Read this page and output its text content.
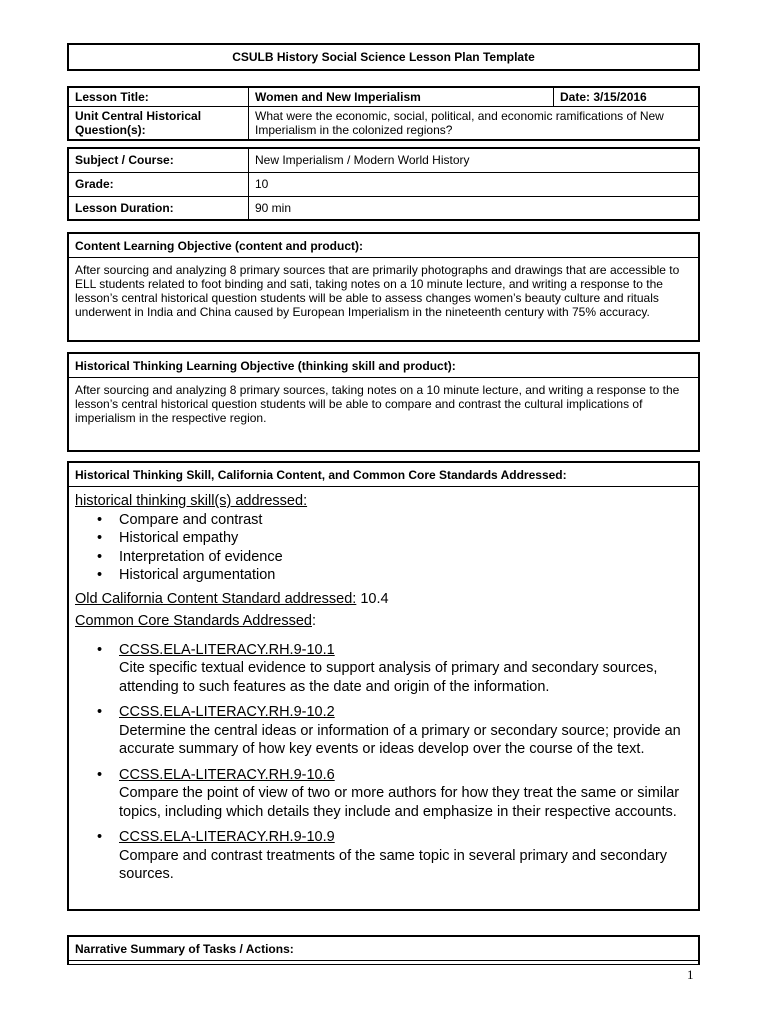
CSULB History Social Science Lesson Plan Template
Lesson Title:	Women and New Imperialism	Date: 3/15/2016
Unit Central Historical Question(s):	What were the economic, social, political, and economic ramifications of New Imperialism in the colonized regions?	
Subject / Course:	New Imperialism / Modern World History
Grade:	10
Lesson Duration:	90 min
Content Learning Objective (content and product):
After sourcing and analyzing 8 primary sources that are primarily photographs and drawings that are accessible to ELL students related to foot binding and sati, taking notes on a 10 minute lecture, and writing a response to the lesson’s central historical question students will be able to assess changes women’s beauty culture and rituals underwent in India and China caused by European Imperialism in the nineteenth century with 75% accuracy.
Historical Thinking Learning Objective (thinking skill and product):
After sourcing and analyzing 8 primary sources, taking notes on a 10 minute lecture, and writing a response to the lesson’s central historical question students will be able to compare and contrast the cultural implications of imperialism in the respective region.
Historical Thinking Skill, California Content, and Common Core Standards Addressed:
historical thinking skill(s) addressed:
• Compare and contrast
• Historical empathy
• Interpretation of evidence
• Historical argumentation
Old California Content Standard addressed: 10.4
Common Core Standards Addressed:
• CCSS.ELA-LITERACY.RH.9-10.1
Cite specific textual evidence to support analysis of primary and secondary sources, attending to such features as the date and origin of the information.
• CCSS.ELA-LITERACY.RH.9-10.2
Determine the central ideas or information of a primary or secondary source; provide an accurate summary of how key events or ideas develop over the course of the text.
• CCSS.ELA-LITERACY.RH.9-10.6
Compare the point of view of two or more authors for how they treat the same or similar topics, including which details they include and emphasize in their respective accounts.
• CCSS.ELA-LITERACY.RH.9-10.9
Compare and contrast treatments of the same topic in several primary and secondary sources.
Narrative Summary of Tasks / Actions:
1
